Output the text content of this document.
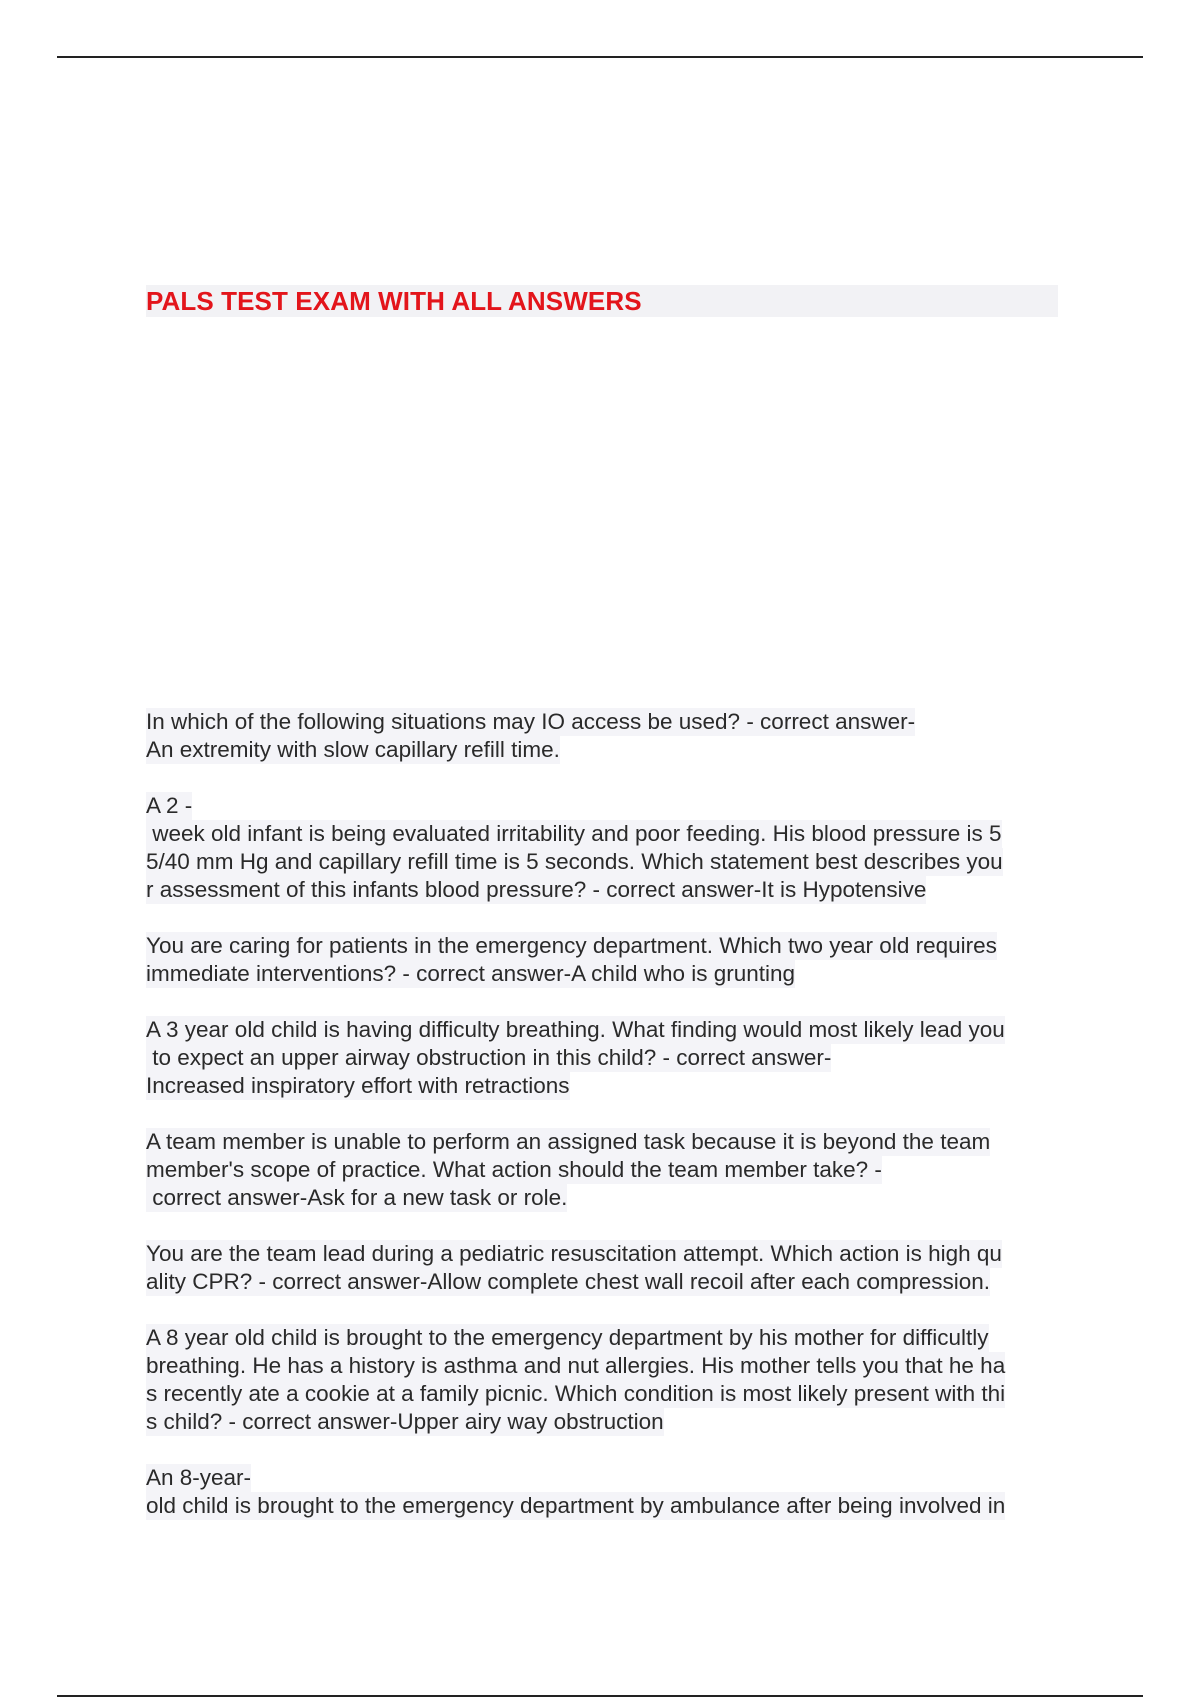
PALS TEST EXAM WITH ALL ANSWERS
In which of the following situations may IO access be used? - correct answer-
An extremity with slow capillary refill time.
A 2 -
week old infant is being evaluated irritability and poor feeding. His blood pressure is 5
5/40 mm Hg and capillary refill time is 5 seconds. Which statement best describes you
r assessment of this infants blood pressure? - correct answer-It is Hypotensive
You are caring for patients in the emergency department. Which two year old requires
immediate interventions? - correct answer-A child who is grunting
A 3 year old child is having difficulty breathing. What finding would most likely lead you
to expect an upper airway obstruction in this child? - correct answer-
Increased inspiratory effort with retractions
A team member is unable to perform an assigned task because it is beyond the team
member's scope of practice. What action should the team member take? -
correct answer-Ask for a new task or role.
You are the team lead during a pediatric resuscitation attempt. Which action is high qu
ality CPR? - correct answer-Allow complete chest wall recoil after each compression.
A 8 year old child is brought to the emergency department by his mother for difficultly
breathing. He has a history is asthma and nut allergies. His mother tells you that he ha
s recently ate a cookie at a family picnic. Which condition is most likely present with thi
s child? - correct answer-Upper airy way obstruction
An 8-year-
old child is brought to the emergency department by ambulance after being involved in
